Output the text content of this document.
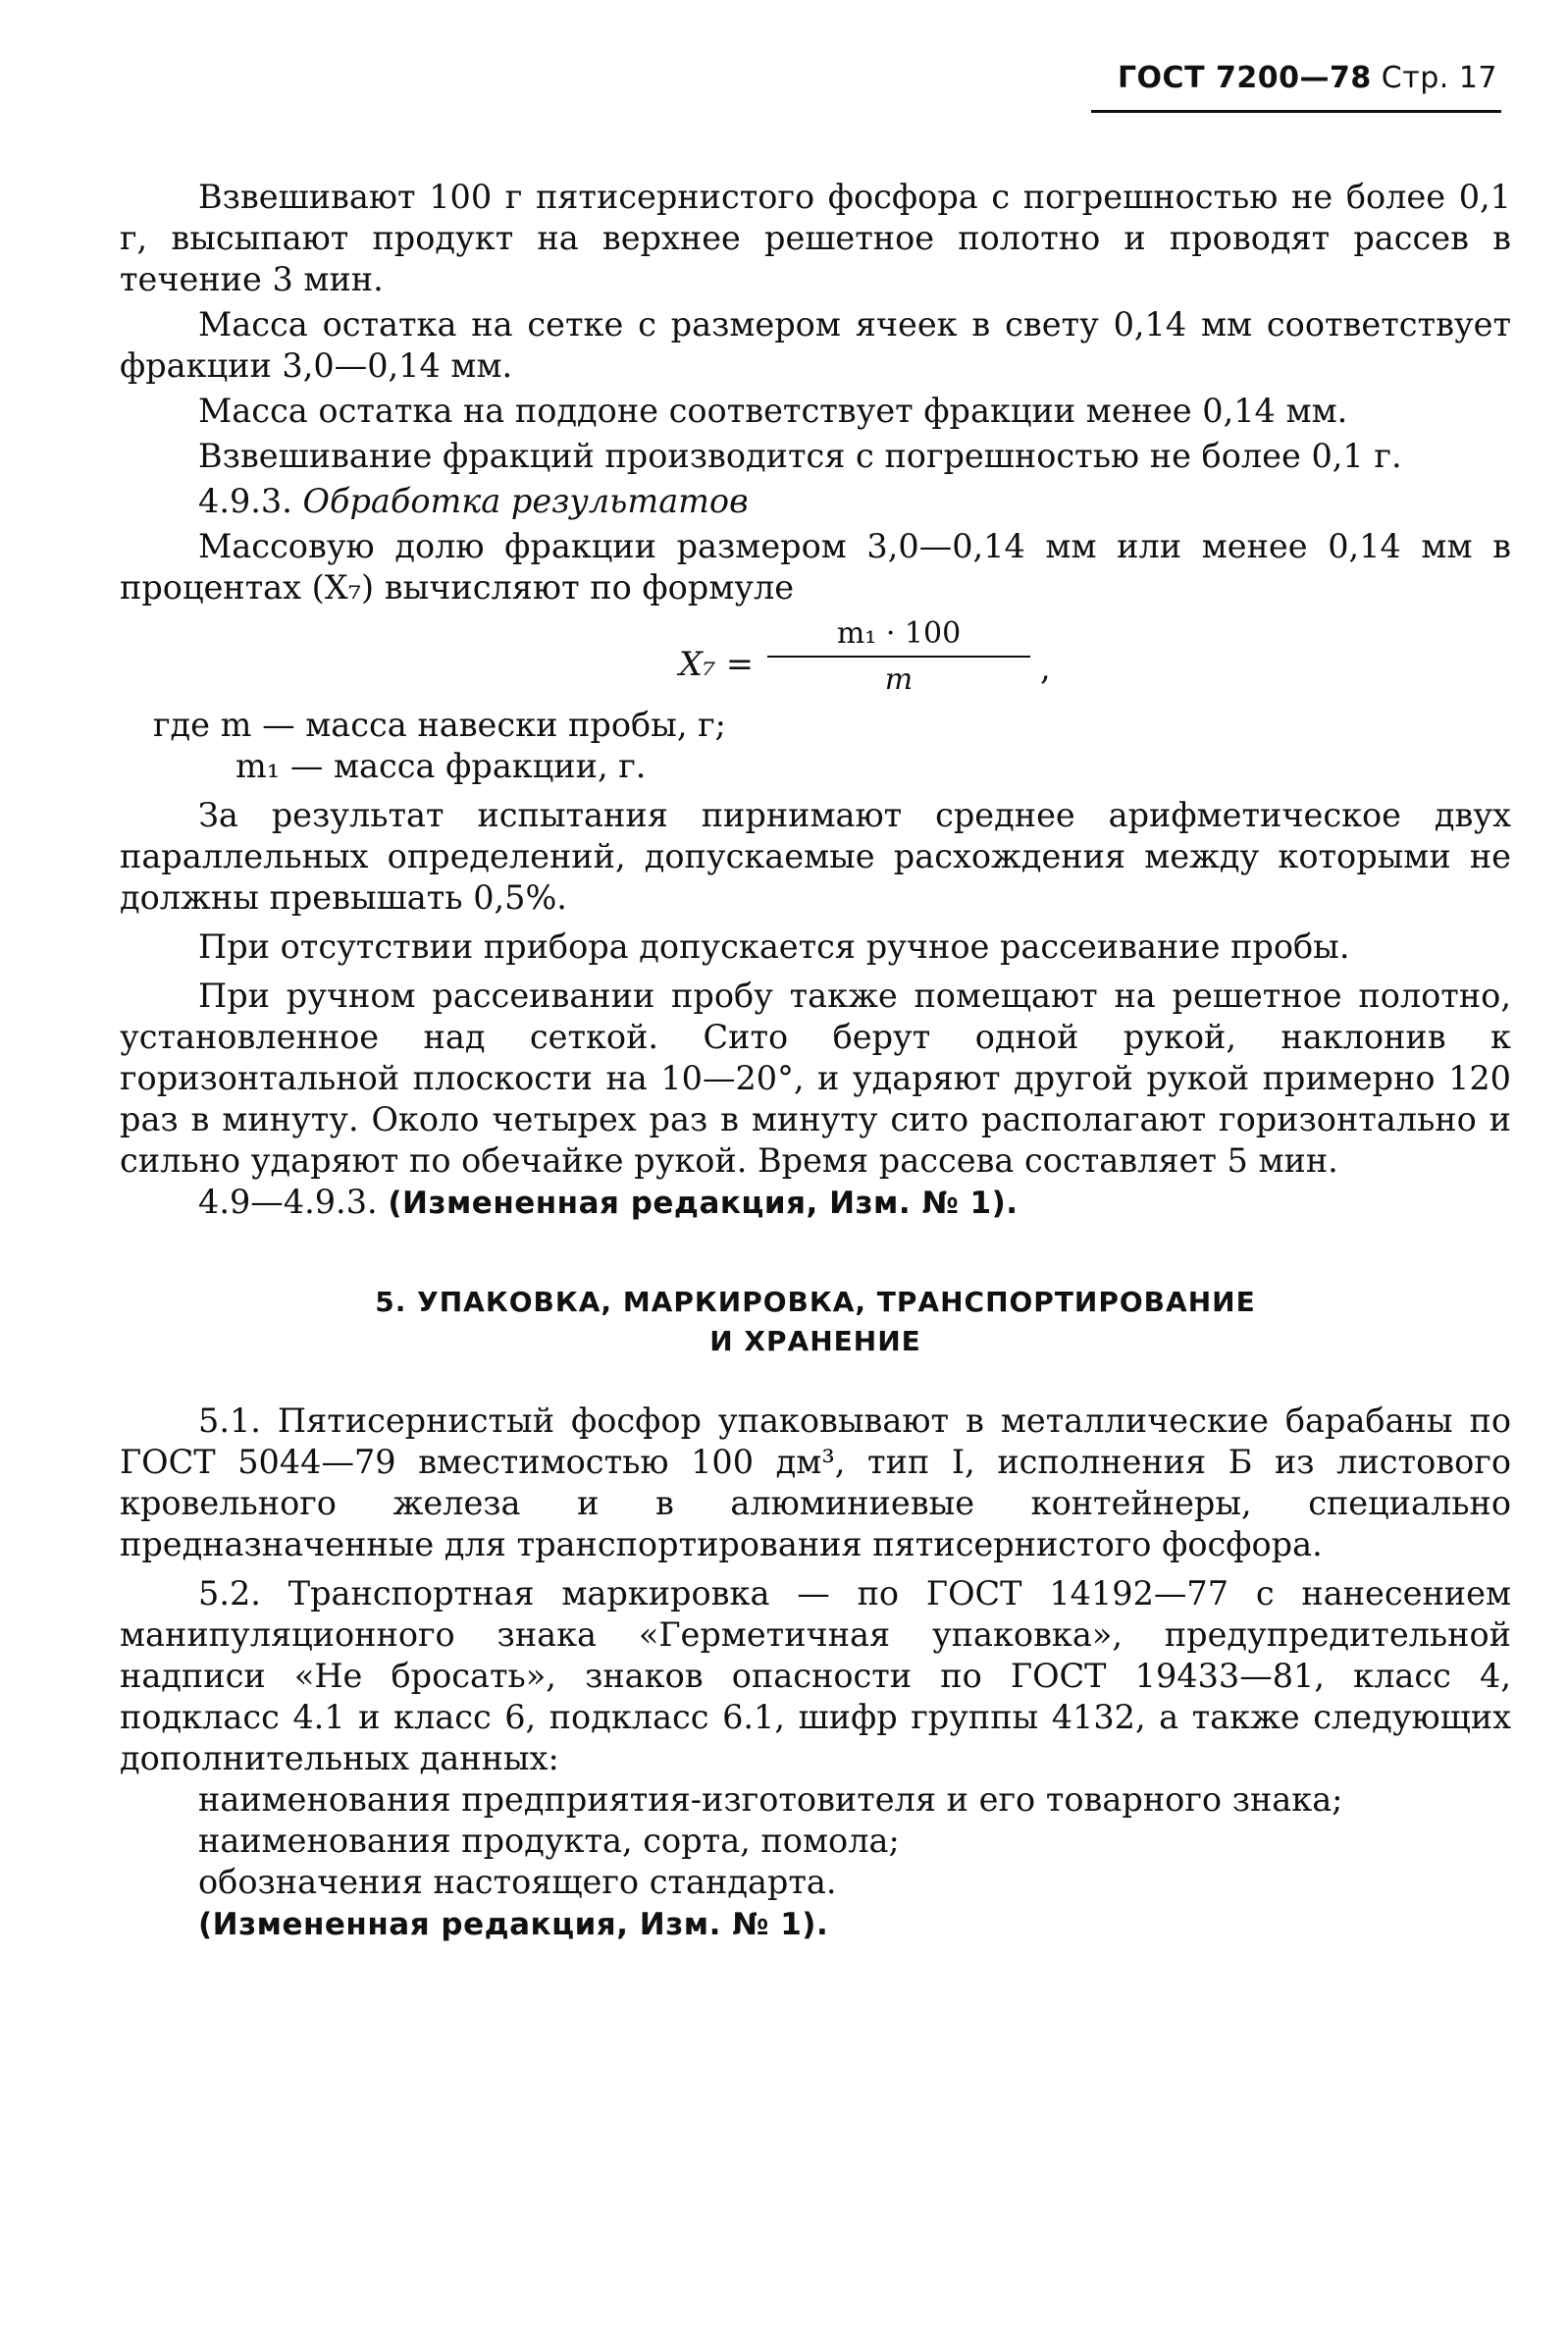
ГОСТ 7200—78 Стр. 17

Взвешивают 100 г пятисернистого фосфора с погрешностью не более 0,1 г, высыпают продукт на верхнее решетное полотно и проводят рассев в течение 3 мин.

Масса остатка на сетке с размером ячеек в свету 0,14 мм соответствует фракции 3,0—0,14 мм.

Масса остатка на поддоне соответствует фракции менее 0,14 мм.

Взвешивание фракций производится с погрешностью не более 0,1 г.

4.9.3. Обработка результатов

Массовую долю фракции размером 3,0—0,14 мм или менее 0,14 мм в процентах (X₇) вычисляют по формуле

X₇ =
m₁ · 100
m	,

где m — масса навески пробы, г;

m₁ — масса фракции, г.

За результат испытания пирнимают среднее арифметическое двух параллельных определений, допускаемые расхождения между которыми не должны превышать 0,5%.

При отсутствии прибора допускается ручное рассеивание пробы.

При ручном рассеивании пробу также помещают на решетное полотно, установленное над сеткой. Сито берут одной рукой, наклонив к горизонтальной плоскости на 10—20°, и ударяют другой рукой примерно 120 раз в минуту. Около четырех раз в минуту сито располагают горизонтально и сильно ударяют по обечайке рукой. Время рассева составляет 5 мин.

4.9—4.9.3. (Измененная редакция, Изм. № 1).

5. УПАКОВКА, МАРКИРОВКА, ТРАНСПОРТИРОВАНИЕ
И ХРАНЕНИЕ

5.1. Пятисернистый фосфор упаковывают в металлические барабаны по ГОСТ 5044—79 вместимостью 100 дм³, тип I, исполнения Б из листового кровельного железа и в алюминиевые контейнеры, специально предназначенные для транспортирования пятисернистого фосфора.

5.2. Транспортная маркировка — по ГОСТ 14192—77 с нанесением манипуляционного знака «Герметичная упаковка», предупредительной надписи «Не бросать», знаков опасности по ГОСТ 19433—81, класс 4, подкласс 4.1 и класс 6, подкласс 6.1, шифр группы 4132, а также следующих дополнительных данных:

наименования предприятия-изготовителя и его товарного знака;

наименования продукта, сорта, помола;

обозначения настоящего стандарта.

(Измененная редакция, Изм. № 1).
